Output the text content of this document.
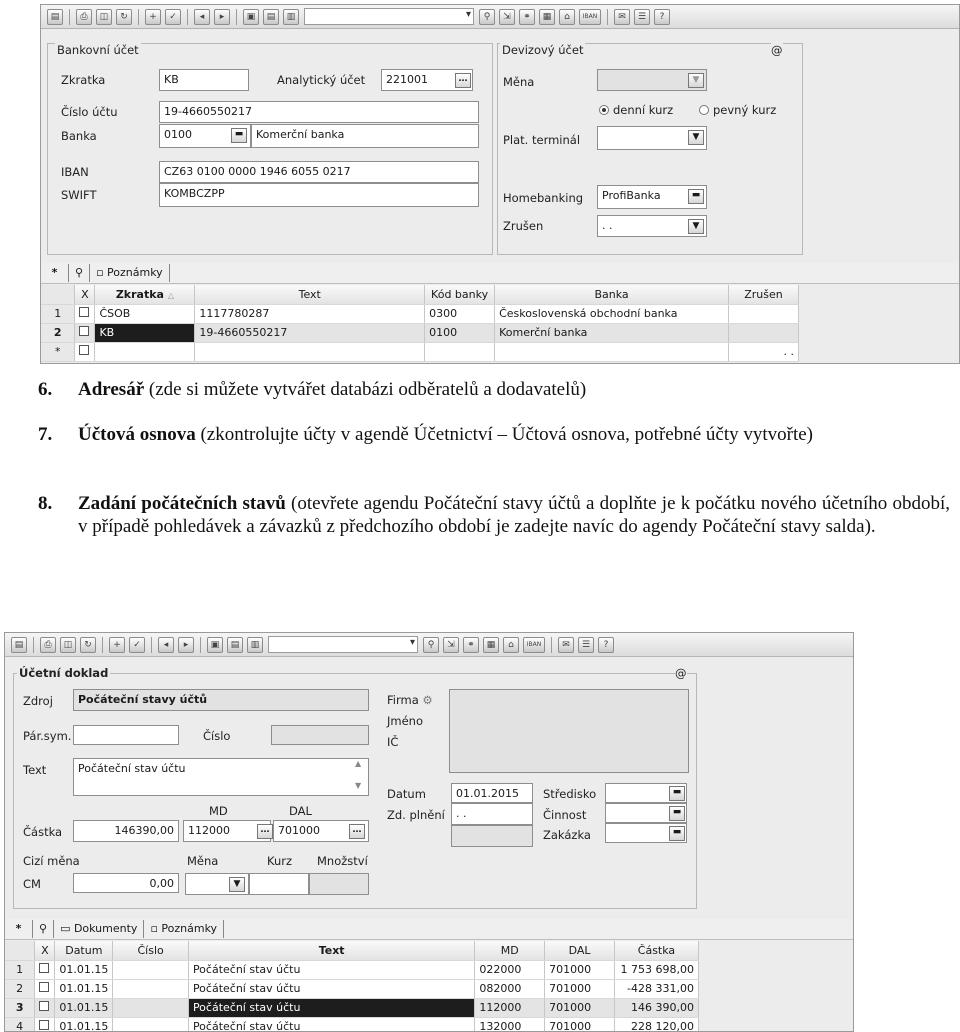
▤	⎙	◫	↻	+	✓	◂	▸	▣	▤	▥ ▾	⚲	⇲	⚭	▦	⌂	IBAN	✉	☰	?
Bankovní účet	Devizový účet	@
Zkratka	KB	Analytický účet	221001	…
Číslo účtu	19-4660550217
Banka	0100	▬	Komerční banka
IBAN	CZ63 0100 0000 1946 6055 0217
SWIFT	KOMBCZPP
Měna	▼
denní kurz	pevný kurz
Plat. terminál	▼
Homebanking	ProfiBanka	▬
Zrušen	. .	▼
*	⚲	▫ Poznámky
	X	Zkratka △	Text	Kód banky	Banka	Zrušen
1		ČSOB	1117780287	0300	Československá obchodní banka	
2		KB	19-4660550217	0100	Komerční banka	
*						. .
6. Adresář (zde si můžete vytvářet databázi odběratelů a dodavatelů)
7. Účtová osnova (zkontrolujte účty v agendě Účetnictví – Účtová osnova, potřebné účty vytvořte)
8. Zadání počátečních stavů (otevřete agendu Počáteční stavy účtů a doplňte je k počátku nového účetního období, v případě pohledávek a závazků z předchozího období je zadejte navíc do agendy Počáteční stavy salda).
▤	⎙	◫	↻	+	✓	◂	▸	▣	▤	▥ ▾	⚲	⇲	⚭	▦	⌂	IBAN	✉	☰	?
Účetní doklad	@
Zdroj	Počáteční stavy účtů
Pár.sym.	Číslo
Text	Počáteční stav účtu	▲
▼
MD	DAL
Částka	146390,00	112000	… 701000	…
Cizí měna	Měna	Kurz Množství
CM	0,00	▼
Firma ⚙
Jméno
IČ
Datum	01.01.2015
Zd. plnění	. .
Středisko	▬
Činnost	▬
Zakázka	▬
*	⚲	▭ Dokumenty	▫ Poznámky
	X	Datum	Číslo	Text	MD	DAL	Částka
1		01.01.15		Počáteční stav účtu	022000	701000	1 753 698,00
2		01.01.15		Počáteční stav účtu	082000	701000	-428 331,00
3		01.01.15		Počáteční stav účtu	112000	701000	146 390,00
4		01.01.15		Počáteční stav účtu	132000	701000	228 120,00
